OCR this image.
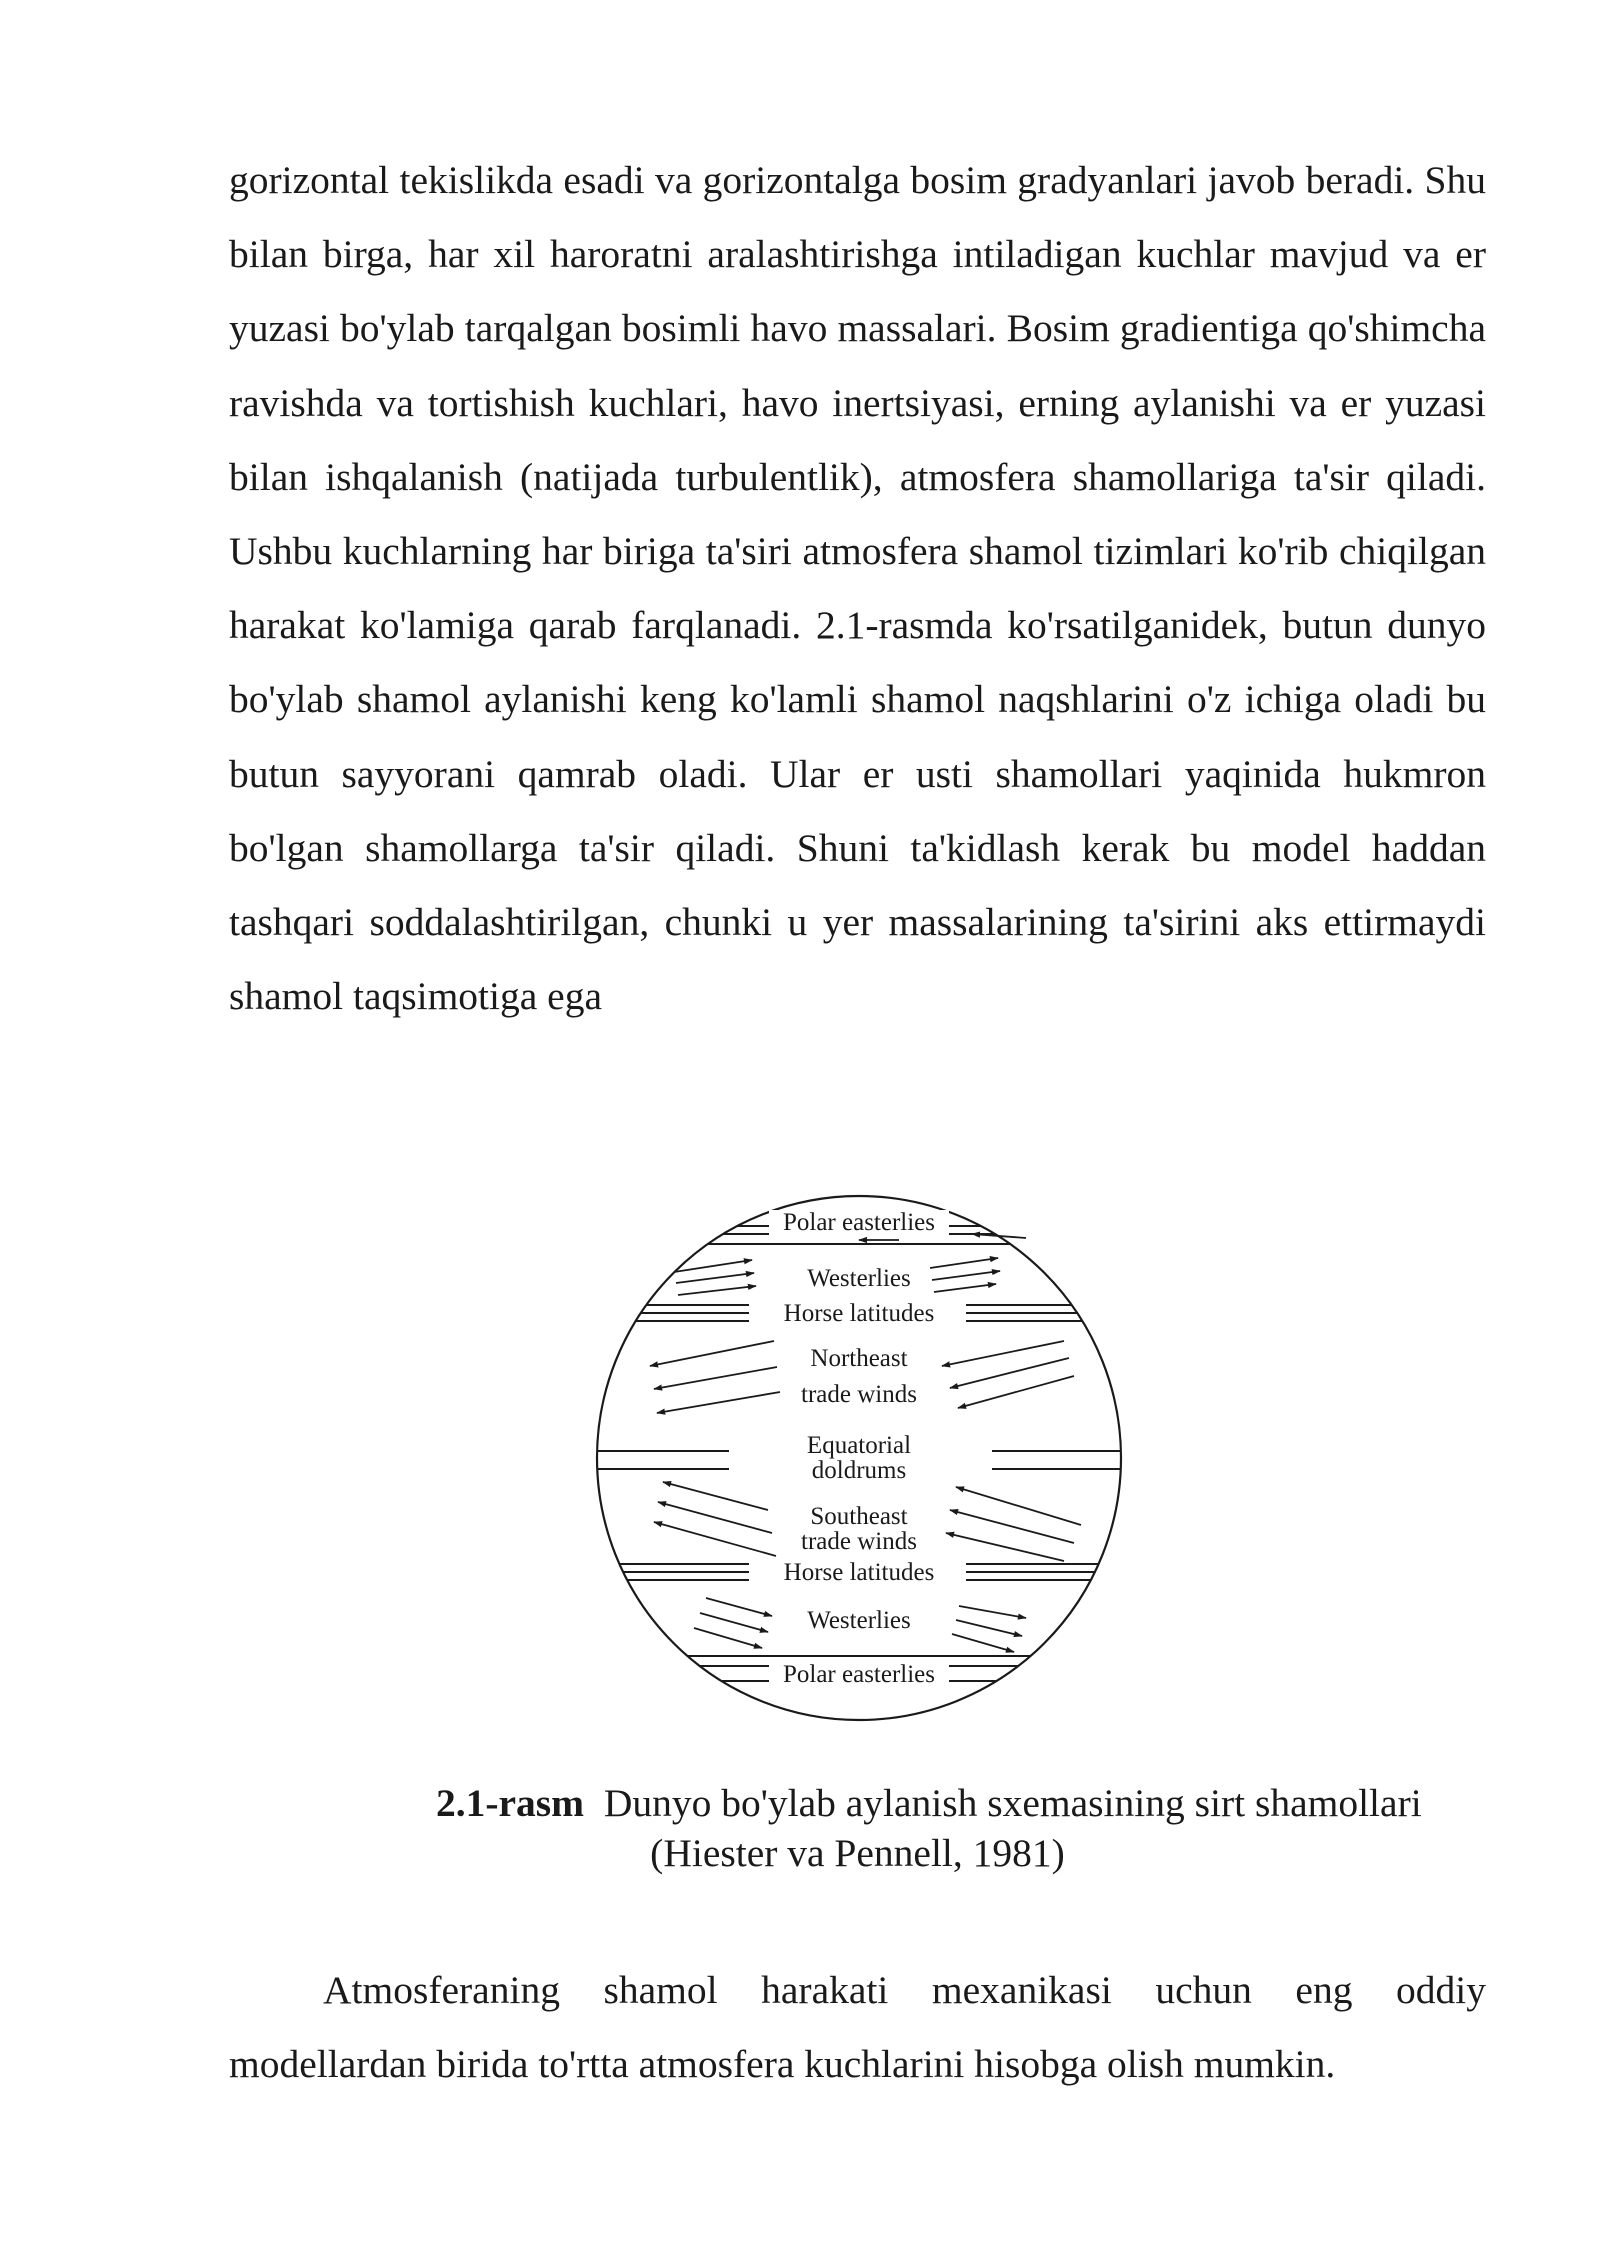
gorizontal tekislikda esadi va gorizontalga bosim gradyanlari javob beradi. Shu bilan birga, har xil haroratni aralashtirishga intiladigan kuchlar mavjud va er yuzasi bo'ylab tarqalgan bosimli havo massalari. Bosim gradientiga qo'shimcha ravishda va tortishish kuchlari, havo inertsiyasi, erning aylanishi va er yuzasi bilan ishqalanish (natijada turbulentlik), atmosfera shamollariga ta'sir qiladi. Ushbu kuchlarning har biriga ta'siri atmosfera shamol tizimlari ko'rib chiqilgan harakat ko'lamiga qarab farqlanadi. 2.1-rasmda ko'rsatilganidek, butun dunyo bo'ylab shamol aylanishi keng ko'lamli shamol naqshlarini o'z ichiga oladi bu butun sayyorani qamrab oladi. Ular er usti shamollari yaqinida hukmron bo'lgan shamollarga ta'sir qiladi. Shuni ta'kidlash kerak bu model haddan tashqari soddalashtirilgan, chunki u yer massalarining ta'sirini aks ettirmaydi shamol taqsimotiga ega

Polar easterlies
Westerlies
Horse latitudes
Northeast
trade winds
Equatorial
doldrums
Southeast
trade winds
Horse latitudes
Westerlies
Polar easterlies

2.1-rasm Dunyo bo'ylab aylanish sxemasining sirt shamollari
(Hiester va Pennell, 1981)

Atmosferaning shamol harakati mexanikasi uchun eng oddiy modellardan birida to'rtta atmosfera kuchlarini hisobga olish mumkin.
